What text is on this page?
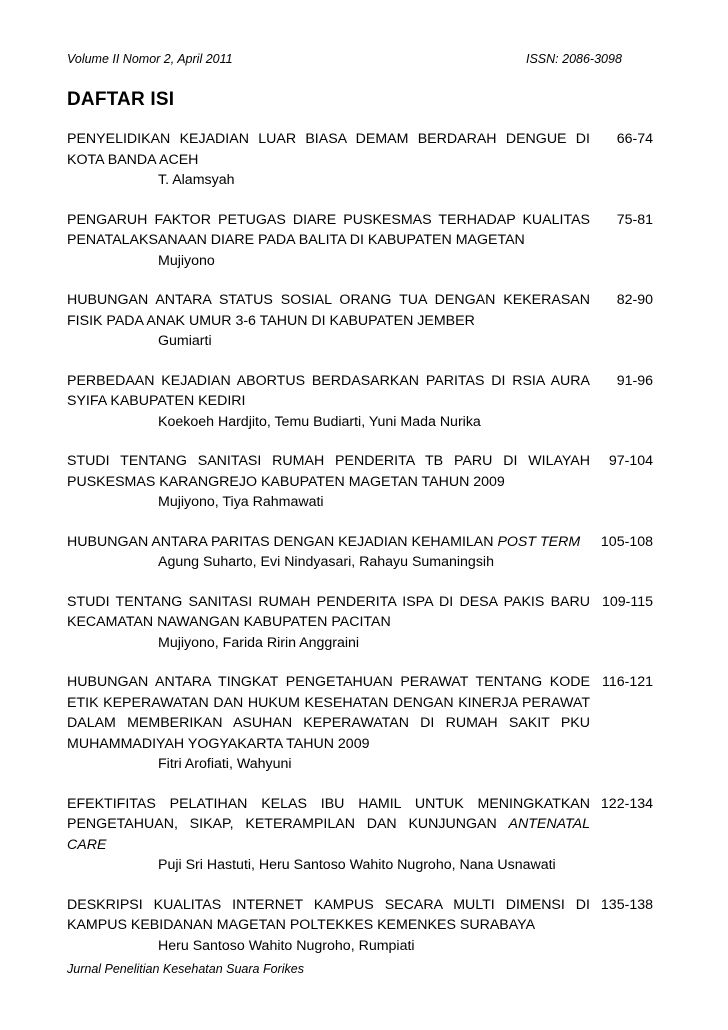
Volume II Nomor 2, April 2011	ISSN: 2086-3098
DAFTAR ISI
PENYELIDIKAN KEJADIAN LUAR BIASA DEMAM BERDARAH DENGUE DI KOTA BANDA ACEH
66-74
T. Alamsyah
PENGARUH FAKTOR PETUGAS DIARE PUSKESMAS TERHADAP KUALITAS PENATALAKSANAAN DIARE PADA BALITA DI KABUPATEN MAGETAN
75-81
Mujiyono
HUBUNGAN ANTARA STATUS SOSIAL ORANG TUA DENGAN KEKERASAN FISIK PADA ANAK UMUR 3-6 TAHUN DI KABUPATEN JEMBER
82-90
Gumiarti
PERBEDAAN KEJADIAN ABORTUS BERDASARKAN PARITAS DI RSIA AURA SYIFA KABUPATEN KEDIRI
91-96
Koekoeh Hardjito, Temu Budiarti, Yuni Mada Nurika
STUDI TENTANG SANITASI RUMAH PENDERITA TB PARU DI WILAYAH PUSKESMAS KARANGREJO KABUPATEN MAGETAN TAHUN 2009
97-104
Mujiyono, Tiya Rahmawati
HUBUNGAN ANTARA PARITAS DENGAN KEJADIAN KEHAMILAN POST TERM	105-108
Agung Suharto, Evi Nindyasari, Rahayu Sumaningsih
STUDI TENTANG SANITASI RUMAH PENDERITA ISPA DI DESA PAKIS BARU KECAMATAN NAWANGAN KABUPATEN PACITAN
109-115
Mujiyono, Farida Ririn Anggraini
HUBUNGAN ANTARA TINGKAT PENGETAHUAN PERAWAT TENTANG KODE ETIK KEPERAWATAN DAN HUKUM KESEHATAN DENGAN KINERJA PERAWAT DALAM MEMBERIKAN ASUHAN KEPERAWATAN DI RUMAH SAKIT PKU MUHAMMADIYAH YOGYAKARTA TAHUN 2009
116-121
Fitri Arofiati, Wahyuni
EFEKTIFITAS PELATIHAN KELAS IBU HAMIL UNTUK MENINGKATKAN PENGETAHUAN, SIKAP, KETERAMPILAN DAN KUNJUNGAN ANTENATAL CARE
122-134
Puji Sri Hastuti, Heru Santoso Wahito Nugroho, Nana Usnawati
DESKRIPSI KUALITAS INTERNET KAMPUS SECARA MULTI DIMENSI DI KAMPUS KEBIDANAN MAGETAN POLTEKKES KEMENKES SURABAYA
135-138
Heru Santoso Wahito Nugroho, Rumpiati
Jurnal Penelitian Kesehatan Suara Forikes
